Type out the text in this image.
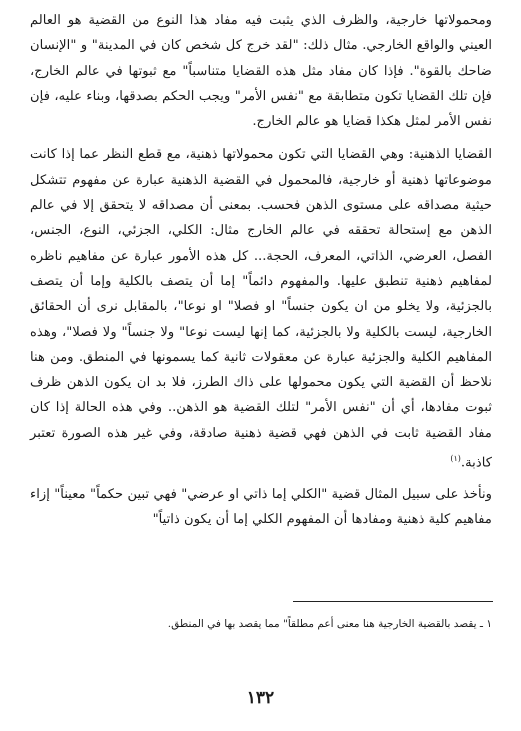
ومحمولاتها خارجية، والظرف الذي يثبت فيه مفاد هذا النوع من القضية هو العالم العيني والواقع الخارجي. مثال ذلك: "لقد خرج كل شخص كان في المدينة" و "الإنسان ضاحك بالقوة". فإذا كان مفاد مثل هذه القضايا متناسباً" مع ثبوتها في عالم الخارج، فإن تلك القضايا تكون متطابقة مع "نفس الأمر" ويجب الحكم بصدقها، وبناء عليه، فإن نفس الأمر لمثل هكذا قضايا هو عالم الخارج.

القضايا الذهنية: وهي القضايا التي تكون محمولاتها ذهنية، مع قطع النظر عما إذا كانت موضوعاتها ذهنية أو خارجية، فالمحمول في القضية الذهنية عبارة عن مفهوم تتشكل حيثية مصداقه على مستوى الذهن فحسب. بمعنى أن مصداقه لا يتحقق إلا في عالم الذهن مع إستحالة تحققه في عالم الخارج مثال: الكلي، الجزئي، النوع، الجنس، الفصل، العرضي، الذاتي، المعرف، الحجة... كل هذه الأمور عبارة عن مفاهيم ناظره لمفاهيم ذهنية تنطبق عليها. والمفهوم دائماً" إما أن يتصف بالكلية وإما أن يتصف بالجزئية، ولا يخلو من ان يكون جنساً" او فصلا" او نوعا"، بالمقابل نرى أن الحقائق الخارجية، ليست بالكلية ولا بالجزئية، كما إنها ليست نوعا" ولا جنساً" ولا فصلا"، وهذه المفاهيم الكلية والجزئية عبارة عن معقولات ثانية كما يسمونها في المنطق. ومن هنا نلاحظ أن القضية التي يكون محمولها على ذاك الطرز، فلا بد ان يكون الذهن ظرف ثبوت مفادها، أي أن "نفس الأمر" لتلك القضية هو الذهن.. وفي هذه الحالة إذا كان مفاد القضية ثابت في الذهن فهي قضية ذهنية صادقة، وفي غير هذه الصورة تعتبر كاذبة.$^{(١)}$

ونأخذ على سبيل المثال قضية "الكلي إما ذاتي او عرضي" فهي تبين حكماً" معيناً" إزاء مفاهيم كلية ذهنية ومفادها أن المفهوم الكلي إما أن يكون ذاتياً"

١ ـ يقصد بالقضية الخارجية هنا معنى أعم مطلقاً" مما يقصد بها في المنطق.
١٣٢
